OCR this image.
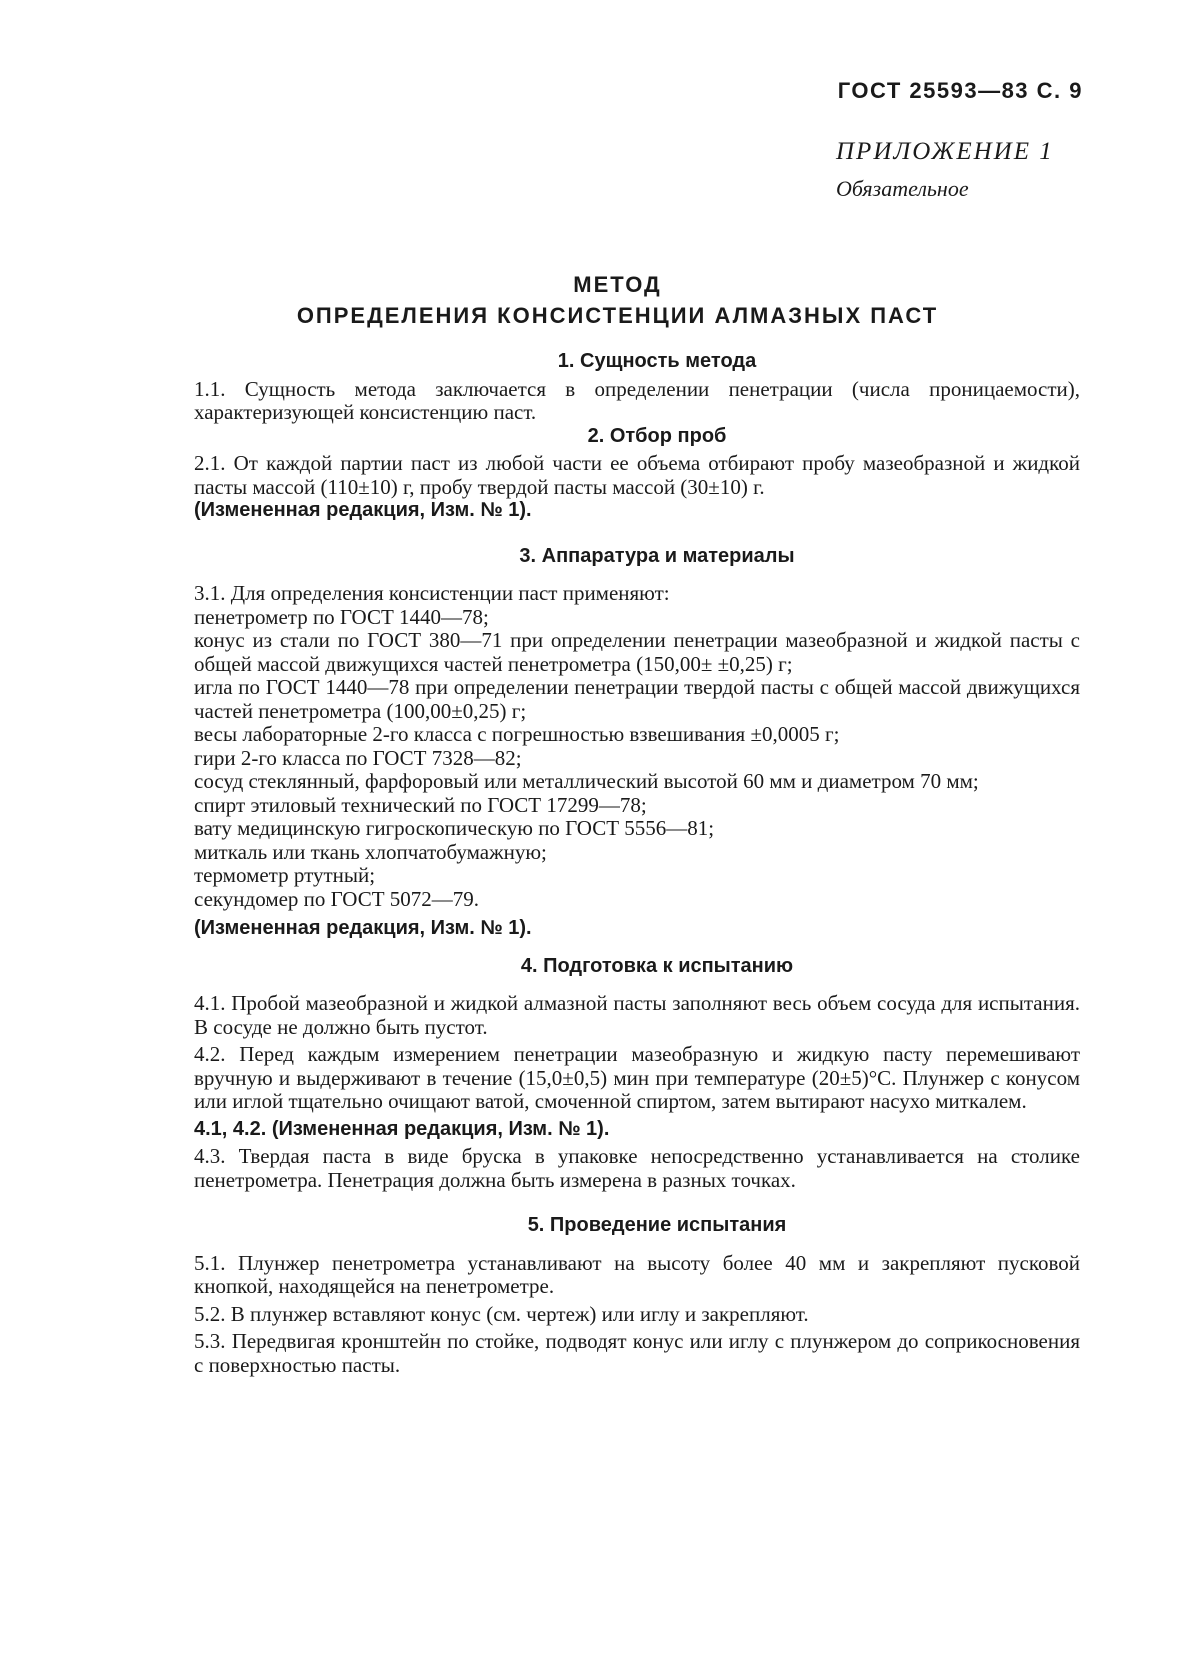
ГОСТ 25593—83 С. 9
ПРИЛОЖЕНИЕ 1
Обязательное
МЕТОД
ОПРЕДЕЛЕНИЯ КОНСИСТЕНЦИИ АЛМАЗНЫХ ПАСТ
1. Сущность метода

1.1. Сущность метода заключается в определении пенетрации (числа проницаемости), характеризующей консистенцию паст.

2. Отбор проб

2.1. От каждой партии паст из любой части ее объема отбирают пробу мазеобразной и жидкой пасты массой (110±10) г, пробу твердой пасты массой (30±10) г.

(Измененная редакция, Изм. № 1).

3. Аппаратура и материалы

3.1. Для определения консистенции паст применяют:

пенетрометр по ГОСТ 1440—78;

конус из стали по ГОСТ 380—71 при определении пенетрации мазеобразной и жидкой пасты с общей массой движущихся частей пенетрометра (150,00± ±0,25) г;

игла по ГОСТ 1440—78 при определении пенетрации твердой пасты с общей массой движущихся частей пенетрометра (100,00±0,25) г;

весы лабораторные 2-го класса с погрешностью взвешивания ±0,0005 г;

гири 2-го класса по ГОСТ 7328—82;

сосуд стеклянный, фарфоровый или металлический высотой 60 мм и диаметром 70 мм;

спирт этиловый технический по ГОСТ 17299—78;

вату медицинскую гигроскопическую по ГОСТ 5556—81;

миткаль или ткань хлопчатобумажную;

термометр ртутный;

секундомер по ГОСТ 5072—79.

(Измененная редакция, Изм. № 1).

4. Подготовка к испытанию

4.1. Пробой мазеобразной и жидкой алмазной пасты заполняют весь объем сосуда для испытания. В сосуде не должно быть пустот.

4.2. Перед каждым измерением пенетрации мазеобразную и жидкую пасту перемешивают вручную и выдерживают в течение (15,0±0,5) мин при температуре (20±5)°С. Плунжер с конусом или иглой тщательно очищают ватой, смоченной спиртом, затем вытирают насухо миткалем.

4.1, 4.2. (Измененная редакция, Изм. № 1).

4.3. Твердая паста в виде бруска в упаковке непосредственно устанавливается на столике пенетрометра. Пенетрация должна быть измерена в разных точках.

5. Проведение испытания

5.1. Плунжер пенетрометра устанавливают на высоту более 40 мм и закрепляют пусковой кнопкой, находящейся на пенетрометре.

5.2. В плунжер вставляют конус (см. чертеж) или иглу и закрепляют.

5.3. Передвигая кронштейн по стойке, подводят конус или иглу с плунжером до соприкосновения с поверхностью пасты.
